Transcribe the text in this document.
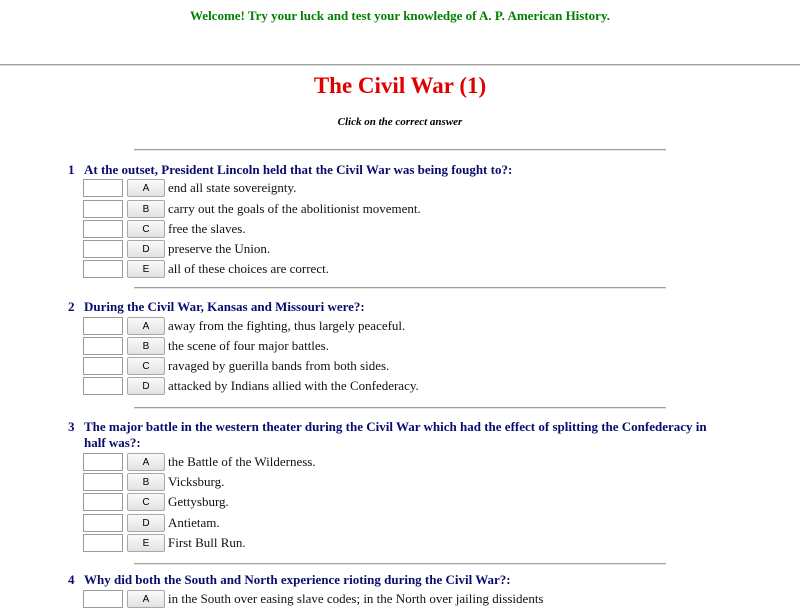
Welcome! Try your luck and test your knowledge of A. P. American History.
The Civil War (1)
Click on the correct answer
1 At the outset, President Lincoln held that the Civil War was being fought to?:
A	end all state sovereignty.
B	carry out the goals of the abolitionist movement.
C	free the slaves.
D	preserve the Union.
E	all of these choices are correct.
2 During the Civil War, Kansas and Missouri were?:
A	away from the fighting, thus largely peaceful.
B	the scene of four major battles.
C	ravaged by guerilla bands from both sides.
D	attacked by Indians allied with the Confederacy.
3 The major battle in the western theater during the Civil War which had the effect of splitting the Confederacy in half was?:
A	the Battle of the Wilderness.
B	Vicksburg.
C	Gettysburg.
D	Antietam.
E	First Bull Run.
4 Why did both the South and North experience rioting during the Civil War?:
A	in the South over easing slave codes; in the North over jailing dissidents
